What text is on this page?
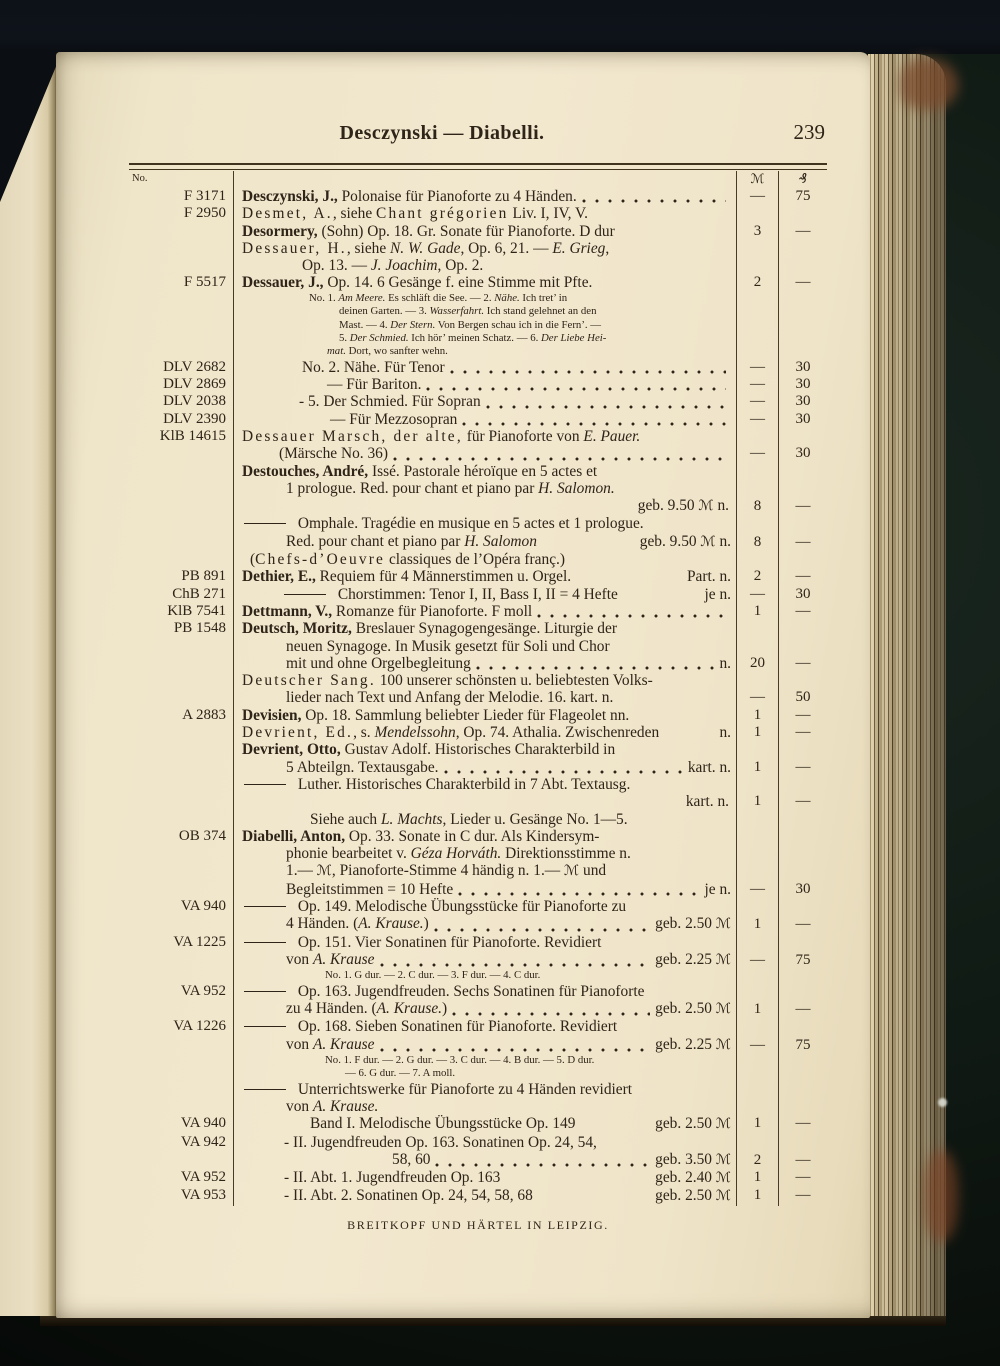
Desczynski — Diabelli.	239
No.	ℳ	₰
F 3171	Desczynski, J., Polonaise für Pianoforte zu 4 Händen.	— 75
F 2950	Desmet, A., siehe Chant grégorien Liv. I, IV, V.
Desormery, (Sohn) Op. 18. Gr. Sonate für Pianoforte. D dur	3 —
Dessauer, H., siehe N. W. Gade, Op. 6, 21. — E. Grieg,
Op. 13. — J. Joachim, Op. 2.
F 5517	Dessauer, J., Op. 14. 6 Gesänge f. eine Stimme mit Pfte.
No. 1. Am Meere. Es schläft die See. — 2. Nähe. Ich tret’ in
deinen Garten. — 3. Wasserfahrt. Ich stand gelehnet an den
Mast. — 4. Der Stern. Von Bergen schau ich in die Fern’. —
5. Der Schmied. Ich hör’ meinen Schatz. — 6. Der Liebe Hei-
mat. Dort, wo sanfter wehn.
2 —
DLV 2682	No. 2. Nähe. Für Tenor	— 30
DLV 2869	— Für Bariton.	— 30
DLV 2038	- 5. Der Schmied. Für Sopran	— 30
DLV 2390	— Für Mezzosopran	— 30
KlB 14615	Dessauer Marsch, der alte, für Pianoforte von E. Pauer.
(Märsche No. 36)	— 30
Destouches, André, Issé. Pastorale héroïque en 5 actes et
1 prologue. Red. pour chant et piano par H. Salomon.
geb. 9.50 ℳ n. 8 —
Omphale. Tragédie en musique en 5 actes et 1 prologue.
Red. pour chant et piano par H. Salomon	geb. 9.50 ℳ n. 8 —
(Chefs-d’Oeuvre classiques de l’Opéra franç.)
PB 891	Dethier, E., Requiem für 4 Männerstimmen u. Orgel.	Part. n. 2 —
ChB 271	Chorstimmen: Tenor I, II, Bass I, II = 4 Hefte	je n. — 30
KlB 7541	Dettmann, V., Romanze für Pianoforte. F moll	1 —
PB 1548	Deutsch, Moritz, Breslauer Synagogengesänge. Liturgie der
neuen Synagoge. In Musik gesetzt für Soli und Chor
mit und ohne Orgelbegleitung	n. 20 —
Deutscher Sang. 100 unserer schönsten u. beliebtesten Volks-
lieder nach Text und Anfang der Melodie. 16. kart. n.	— 50
A 2883	Devisien, Op. 18. Sammlung beliebter Lieder für Flageolet nn.	1 —
Devrient, Ed., s. Mendelssohn, Op. 74. Athalia. Zwischenreden	n. 1 —
Devrient, Otto, Gustav Adolf. Historisches Charakterbild in
5 Abteilgn. Textausgabe.	kart. n. 1 —
Luther. Historisches Charakterbild in 7 Abt. Textausg.
kart. n. 1 —
Siehe auch L. Machts, Lieder u. Gesänge No. 1—5.
OB 374	Diabelli, Anton, Op. 33. Sonate in C dur. Als Kindersym-
phonie bearbeitet v. Géza Horváth. Direktionsstimme n.
1.— ℳ, Pianoforte-Stimme 4 händig n. 1.— ℳ und
Begleitstimmen = 10 Hefte	je n. — 30
VA 940	Op. 149. Melodische Übungsstücke für Pianoforte zu
4 Händen. (A. Krause.)	geb. 2.50 ℳ 1 —
VA 1225	Op. 151. Vier Sonatinen für Pianoforte. Revidiert
von A. Krause	geb. 2.25 ℳ — 75
No. 1. G dur. — 2. C dur. — 3. F dur. — 4. C dur.
VA 952	Op. 163. Jugendfreuden. Sechs Sonatinen für Pianoforte
zu 4 Händen. (A. Krause.)	geb. 2.50 ℳ 1 —
VA 1226	Op. 168. Sieben Sonatinen für Pianoforte. Revidiert
von A. Krause	geb. 2.25 ℳ — 75
No. 1. F dur. — 2. G dur. — 3. C dur. — 4. B dur. — 5. D dur.
— 6. G dur. — 7. A moll.
Unterrichtswerke für Pianoforte zu 4 Händen revidiert
von A. Krause.
VA 940	Band I. Melodische Übungsstücke Op. 149	geb. 2.50 ℳ 1 —
VA 942	- II. Jugendfreuden Op. 163. Sonatinen Op. 24, 54,
58, 60	geb. 3.50 ℳ 2 —
VA 952	- II. Abt. 1. Jugendfreuden Op. 163	geb. 2.40 ℳ 1 —
VA 953	- II. Abt. 2. Sonatinen Op. 24, 54, 58, 68	geb. 2.50 ℳ 1 —
BREITKOPF UND HÄRTEL IN LEIPZIG.
